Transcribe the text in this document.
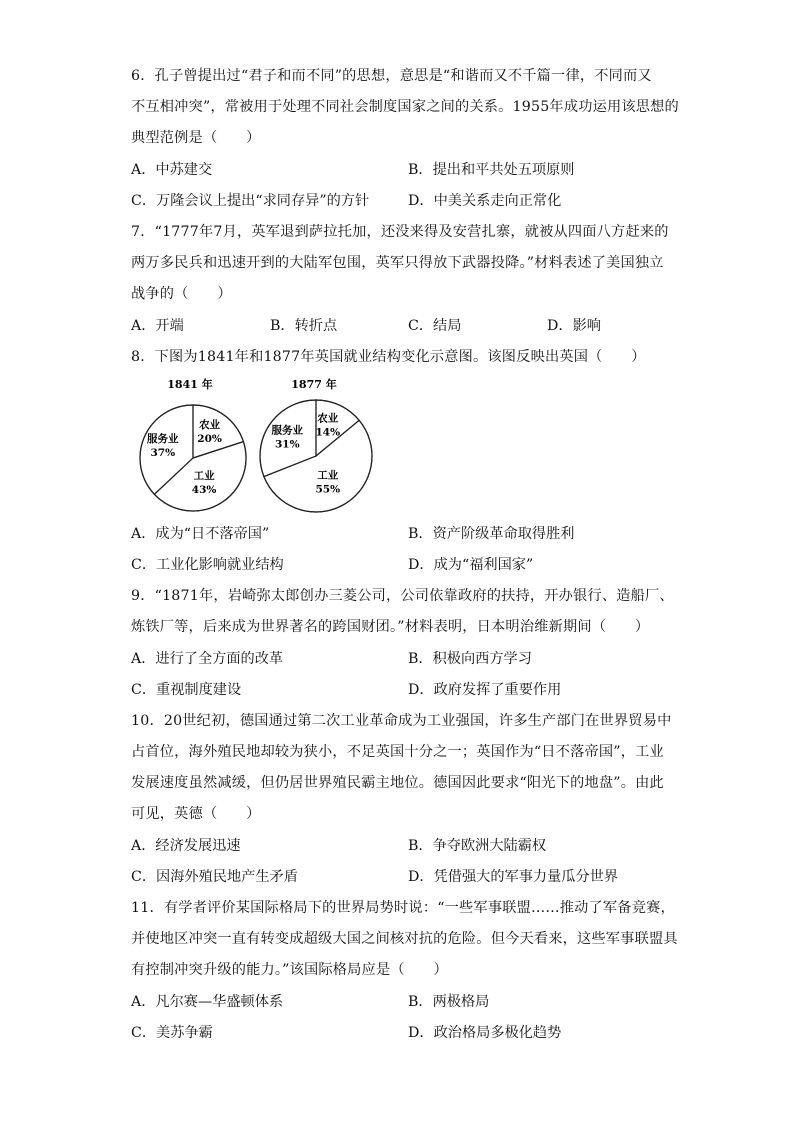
6．孔子曾提出过“君子和而不同”的思想，意思是“和谐而又不千篇一律，不同而又
不互相冲突”，常被用于处理不同社会制度国家之间的关系。1955年成功运用该思想的
典型范例是（　　）
A．中苏建交	B．提出和平共处五项原则
C．万隆会议上提出“求同存异”的方针	D．中美关系走向正常化
7．“1777年7月，英军退到萨拉托加，还没来得及安营扎寨，就被从四面八方赶来的
两万多民兵和迅速开到的大陆军包围，英军只得放下武器投降。”材料表述了美国独立
战争的（　　）
A．开端	B．转折点	C．结局	D．影响
8．下图为1841年和1877年英国就业结构变化示意图。该图反映出英国（　　）
1841 年
农业
20%
工业
43%
服务业
37%
1877 年
农业
14%
工业
55%
服务业
31%
A．成为“日不落帝国”	B．资产阶级革命取得胜利
C．工业化影响就业结构	D．成为“福利国家”
9．“1871年，岩崎弥太郎创办三菱公司，公司依靠政府的扶持，开办银行、造船厂、
炼铁厂等，后来成为世界著名的跨国财团。”材料表明，日本明治维新期间（　　）
A．进行了全方面的改革	B．积极向西方学习
C．重视制度建设	D．政府发挥了重要作用
10．20世纪初，德国通过第二次工业革命成为工业强国，许多生产部门在世界贸易中
占首位，海外殖民地却较为狭小，不足英国十分之一；英国作为“日不落帝国”，工业
发展速度虽然减缓，但仍居世界殖民霸主地位。德国因此要求“阳光下的地盘”。由此
可见，英德（　　）
A．经济发展迅速	B．争夺欧洲大陆霸权
C．因海外殖民地产生矛盾	D．凭借强大的军事力量瓜分世界
11．有学者评价某国际格局下的世界局势时说：“一些军事联盟……推动了军备竞赛，
并使地区冲突一直有转变成超级大国之间核对抗的危险。但今天看来，这些军事联盟具
有控制冲突升级的能力。”该国际格局应是（　　）
A．凡尔赛—华盛顿体系	B．两极格局
C．美苏争霸	D．政治格局多极化趋势
